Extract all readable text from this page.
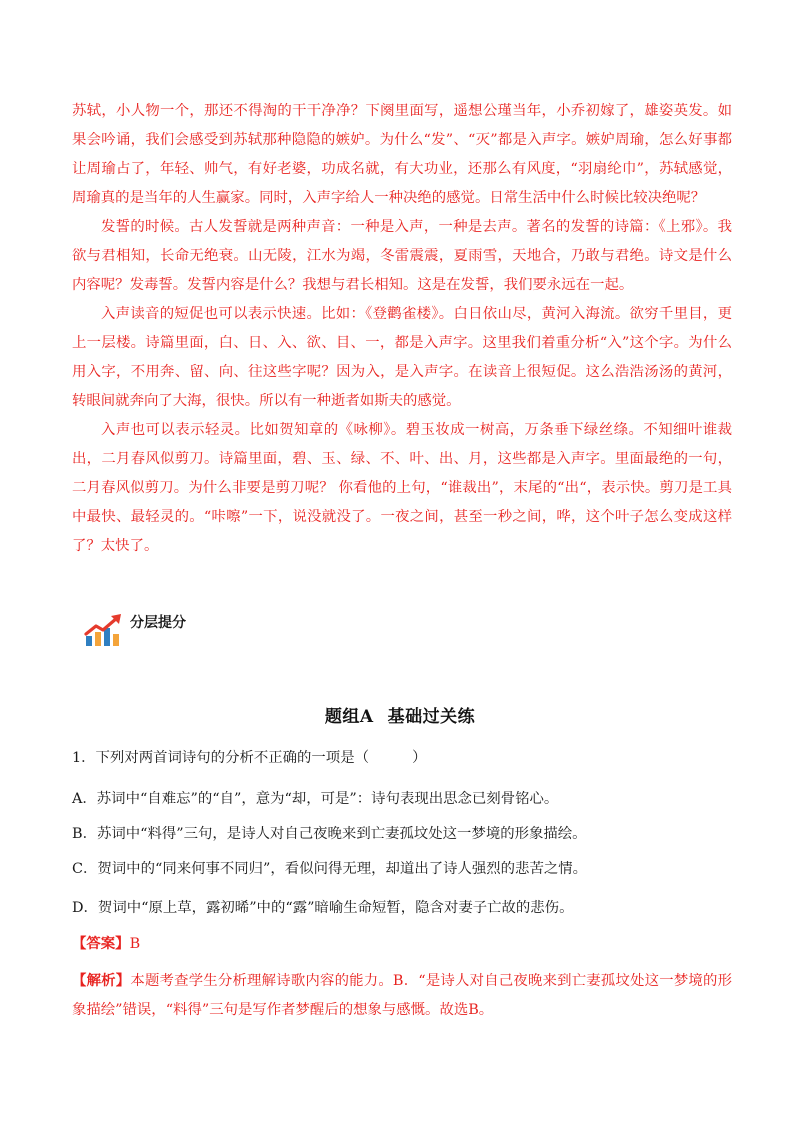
苏轼，小人物一个，那还不得淘的干干净净？下阕里面写，遥想公瑾当年，小乔初嫁了，雄姿英发。如果会吟诵，我们会感受到苏轼那种隐隐的嫉妒。为什么“发”、“灭”都是入声字。嫉妒周瑜，怎么好事都让周瑜占了，年轻、帅气，有好老婆，功成名就，有大功业，还那么有风度，“羽扇纶巾”，苏轼感觉，周瑜真的是当年的人生赢家。同时，入声字给人一种决绝的感觉。日常生活中什么时候比较决绝呢？

发誓的时候。古人发誓就是两种声音：一种是入声，一种是去声。著名的发誓的诗篇：《上邪》。我欲与君相知，长命无绝衰。山无陵，江水为竭，冬雷震震，夏雨雪，天地合，乃敢与君绝。诗文是什么内容呢？发毒誓。发誓内容是什么？我想与君长相知。这是在发誓，我们要永远在一起。

入声读音的短促也可以表示快速。比如：《登鹳雀楼》。白日依山尽，黄河入海流。欲穷千里目，更上一层楼。诗篇里面，白、日、入、欲、目、一，都是入声字。这里我们着重分析“入”这个字。为什么用入字，不用奔、留、向、往这些字呢？因为入，是入声字。在读音上很短促。这么浩浩汤汤的黄河，转眼间就奔向了大海，很快。所以有一种逝者如斯夫的感觉。

入声也可以表示轻灵。比如贺知章的《咏柳》。碧玉妆成一树高，万条垂下绿丝绦。不知细叶谁裁出，二月春风似剪刀。诗篇里面，碧、玉、绿、不、叶、出、月，这些都是入声字。里面最绝的一句，二月春风似剪刀。为什么非要是剪刀呢？ 你看他的上句，“谁裁出”，末尾的“出“，表示快。剪刀是工具中最快、最轻灵的。“咔嚓”一下，说没就没了。一夜之间，甚至一秒之间，哗，这个叶子怎么变成这样了？太快了。

分层提分
题组A 基础过关练
1．下列对两首词诗句的分析不正确的一项是（　　　）
A．苏词中“自难忘”的“自”，意为“却，可是”：诗句表现出思念已刻骨铭心。
B．苏词中“料得”三句，是诗人对自己夜晚来到亡妻孤坟处这一梦境的形象描绘。
C．贺词中的“同来何事不同归”，看似问得无理，却道出了诗人强烈的悲苦之情。
D．贺词中“原上草，露初晞”中的“露”暗喻生命短暂，隐含对妻子亡故的悲伤。
【答案】B

【解析】本题考查学生分析理解诗歌内容的能力。B．“是诗人对自己夜晚来到亡妻孤坟处这一梦境的形象描绘”错误，“料得”三句是写作者梦醒后的想象与感慨。故选B。
